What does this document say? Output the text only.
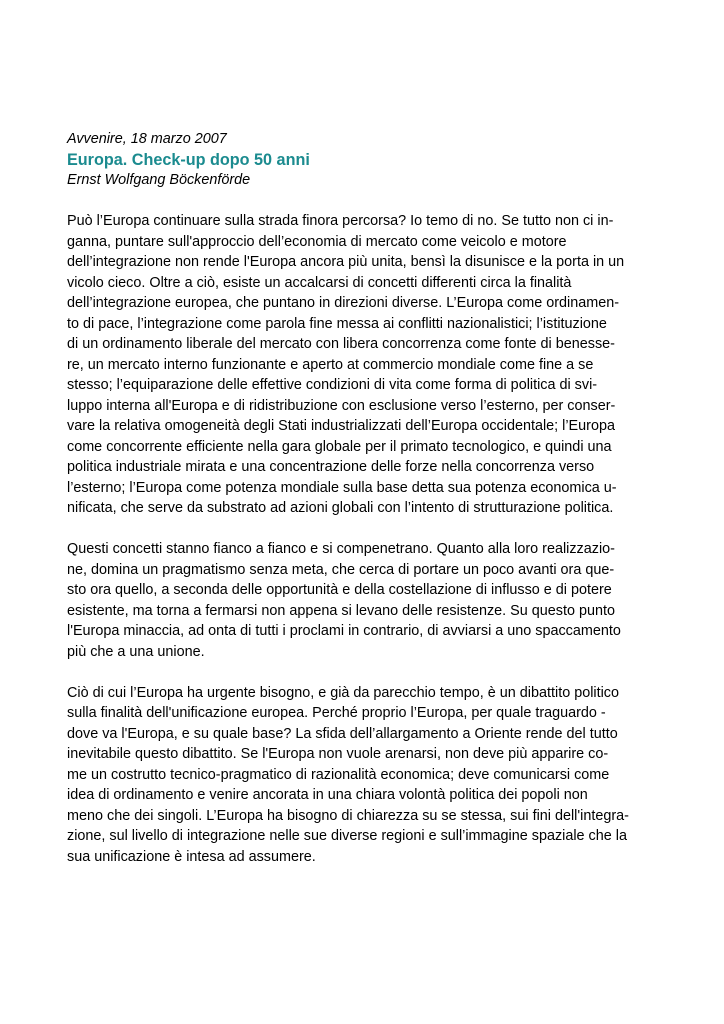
Avvenire, 18 marzo 2007
Europa. Check-up dopo 50 anni
Ernst Wolfgang Böckenförde
Può l’Europa continuare sulla strada finora percorsa? Io temo di no. Se tutto non ci in-
ganna, puntare sull'approccio dell’economia di mercato come veicolo e motore
dell’integrazione non rende l'Europa ancora più unita, bensì la disunisce e la porta in un
vicolo cieco. Oltre a ciò, esiste un accalcarsi di concetti differenti circa la finalità
dell’integrazione europea, che puntano in direzioni diverse. L’Europa come ordinamen-
to di pace, l’integrazione come parola fine messa ai conflitti nazionalistici; l’istituzione
di un ordinamento liberale del mercato con libera concorrenza come fonte di benesse-
re, un mercato interno funzionante e aperto at commercio mondiale come fine a se
stesso; l’equiparazione delle effettive condizioni di vita come forma di politica di svi-
luppo interna all'Europa e di ridistribuzione con esclusione verso l’esterno, per conser-
vare la relativa omogeneità degli Stati industrializzati dell’Europa occidentale; l’Europa
come concorrente efficiente nella gara globale per il primato tecnologico, e quindi una
politica industriale mirata e una concentrazione delle forze nella concorrenza verso
l’esterno; l’Europa come potenza mondiale sulla base detta sua potenza economica u-
nificata, che serve da substrato ad azioni globali con l’intento di strutturazione politica.
Questi concetti stanno fianco a fianco e si compenetrano. Quanto alla loro realizzazio-
ne, domina un pragmatismo senza meta, che cerca di portare un poco avanti ora que-
sto ora quello, a seconda delle opportunità e della costellazione di influsso e di potere
esistente, ma torna a fermarsi non appena si levano delle resistenze. Su questo punto
l'Europa minaccia, ad onta di tutti i proclami in contrario, di avviarsi a uno spaccamento
più che a una unione.
Ciò di cui l’Europa ha urgente bisogno, e già da parecchio tempo, è un dibattito politico
sulla finalità dell'unificazione europea. Perché proprio l’Europa, per quale traguardo -
dove va l'Europa, e su quale base? La sfida dell’allargamento a Oriente rende del tutto
inevitabile questo dibattito. Se l'Europa non vuole arenarsi, non deve più apparire co-
me un costrutto tecnico-pragmatico di razionalità economica; deve comunicarsi come
idea di ordinamento e venire ancorata in una chiara volontà politica dei popoli non
meno che dei singoli. L’Europa ha bisogno di chiarezza su se stessa, sui fini dell'integra-
zione, sul livello di integrazione nelle sue diverse regioni e sull’immagine spaziale che la
sua unificazione è intesa ad assumere.
